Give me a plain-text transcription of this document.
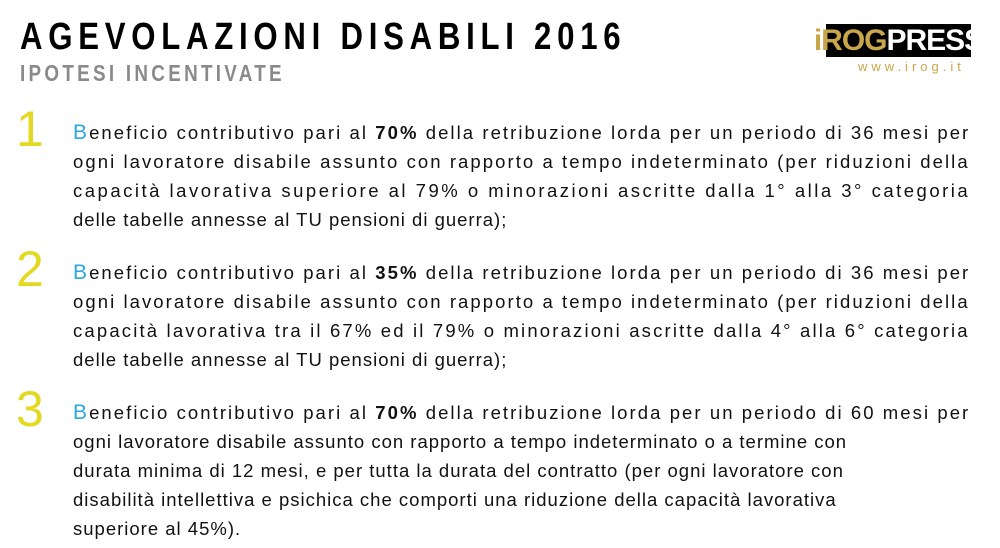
AGEVOLAZIONI DISABILI 2016
IPOTESI INCENTIVATE
iROG PRESS
www.irog.it
1 Beneficio contributivo pari al 70% della retribuzione lorda per un periodo di 36 mesi per
ogni lavoratore disabile assunto con rapporto a tempo indeterminato (per riduzioni della
capacità lavorativa superiore al 79% o minorazioni ascritte dalla 1° alla 3° categoria
delle tabelle annesse al TU pensioni di guerra);
2 Beneficio contributivo pari al 35% della retribuzione lorda per un periodo di 36 mesi per
ogni lavoratore disabile assunto con rapporto a tempo indeterminato (per riduzioni della
capacità lavorativa tra il 67% ed il 79% o minorazioni ascritte dalla 4° alla 6° categoria
delle tabelle annesse al TU pensioni di guerra);
3 Beneficio contributivo pari al 70% della retribuzione lorda per un periodo di 60 mesi per
ogni lavoratore disabile assunto con rapporto a tempo indeterminato o a termine con
durata minima di 12 mesi, e per tutta la durata del contratto (per ogni lavoratore con
disabilità intellettiva e psichica che comporti una riduzione della capacità lavorativa
superiore al 45%).
